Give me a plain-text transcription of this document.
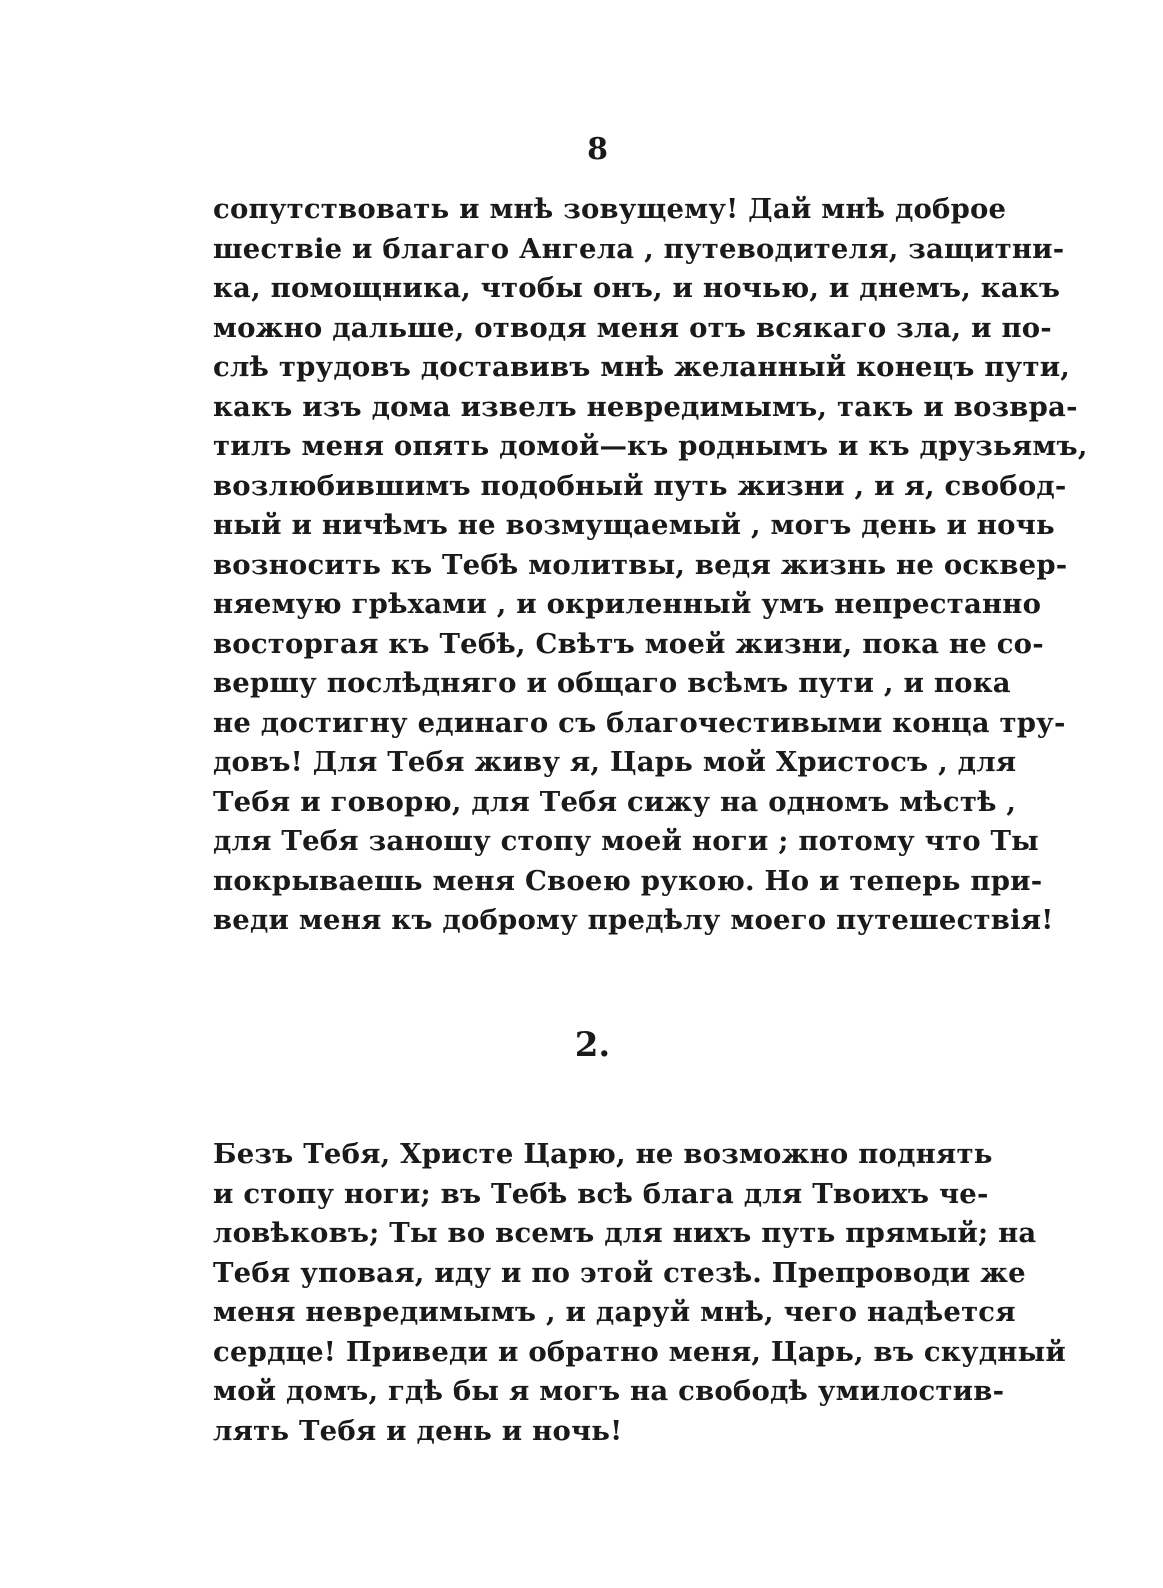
8
сопутствовать и мнѣ зовущему! Дай мнѣ доброе
шествіе и благаго Ангела , путеводителя, защитни-
ка, помощника, чтобы онъ, и ночью, и днемъ, какъ
можно дальше, отводя меня отъ всякаго зла, и по-
слѣ трудовъ доставивъ мнѣ желанный конецъ пути,
какъ изъ дома извелъ невредимымъ, такъ и возвра-
тилъ меня опять домой—къ роднымъ и къ друзьямъ,
возлюбившимъ подобный путь жизни , и я, свобод-
ный и ничѣмъ не возмущаемый , могъ день и ночь
возносить къ Тебѣ молитвы, ведя жизнь не осквер-
няемую грѣхами , и окриленный умъ непрестанно
восторгая къ Тебѣ, Свѣтъ моей жизни, пока не со-
вершу послѣдняго и общаго всѣмъ пути , и пока
не достигну единаго съ благочестивыми конца тру-
довъ! Для Тебя живу я, Царь мой Христосъ , для
Тебя и говорю, для Тебя сижу на одномъ мѣстѣ ,
для Тебя заношу стопу моей ноги ; потому что Ты
покрываешь меня Своею рукою. Но и теперь при-
веди меня къ доброму предѣлу моего путешествія!
2.
Безъ Тебя, Христе Царю, не возможно поднять
и стопу ноги; въ Тебѣ всѣ блага для Твоихъ че-
ловѣковъ; Ты во всемъ для нихъ путь прямый; на
Тебя уповая, иду и по этой стезѣ. Препроводи же
меня невредимымъ , и даруй мнѣ, чего надѣется
сердце! Приведи и обратно меня, Царь, въ скудный
мой домъ, гдѣ бы я могъ на свободѣ умилостив-
лять Тебя и день и ночь!
